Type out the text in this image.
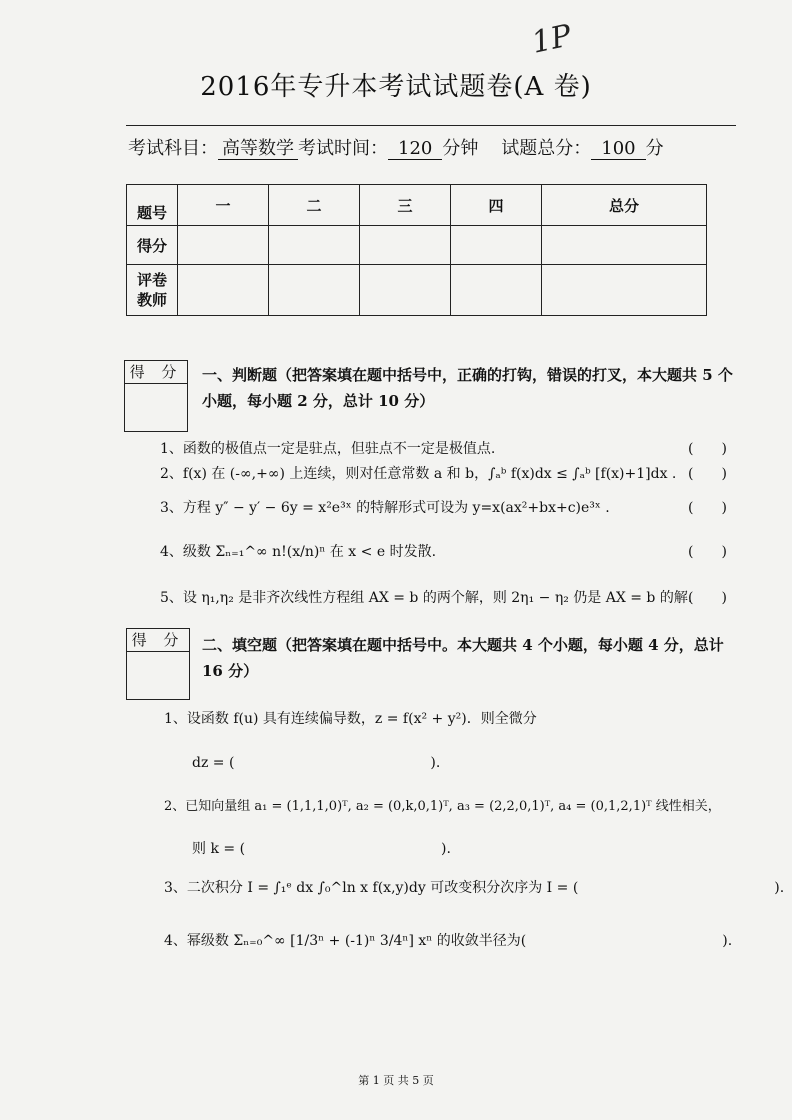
1P
2016年专升本考试试题卷(A 卷)
考试科目： 高等数学 考试时间： 120 分钟 试题总分： 100 分
题号	一	二	三	四	总分
得分					
评卷教师					
得 分	一、判断题（把答案填在题中括号中，正确的打钩，错误的打叉，本大题共 5 个小题，每小题 2 分，总计 10 分）
1、函数的极值点一定是驻点，但驻点不一定是极值点.	(　　)
2、f(x) 在 (-∞,+∞) 上连续，则对任意常数 a 和 b，∫ₐᵇ f(x)dx ≤ ∫ₐᵇ [f(x)+1]dx . (　　)
3、方程 y″ − y′ − 6y = x²e³ˣ 的特解形式可设为 y=x(ax²+bx+c)e³ˣ .	(　　)
4、级数 Σₙ₌₁^∞ n!(x/n)ⁿ 在 x < e 时发散.	(　　)
5、设 η₁,η₂ 是非齐次线性方程组 AX = b 的两个解，则 2η₁ − η₂ 仍是 AX = b 的解.
(　　)
得 分	二、填空题（把答案填在题中括号中。本大题共 4 个小题，每小题 4 分，总计 16 分）
1、设函数 f(u) 具有连续偏导数，z = f(x² + y²)．则全微分
dz = (　　　　　　　　　　　　　　).
2、已知向量组 a₁ = (1,1,1,0)ᵀ, a₂ = (0,k,0,1)ᵀ, a₃ = (2,2,0,1)ᵀ, a₄ = (0,1,2,1)ᵀ 线性相关，
则 k = (　　　　　　　　　　　　　　).
3、二次积分 I = ∫₁ᵉ dx ∫₀^ln x f(x,y)dy 可改变积分次序为 I = (　　　　　　　　　　　　　　).
4、幂级数 Σₙ₌₀^∞ [1/3ⁿ + (-1)ⁿ 3/4ⁿ] xⁿ 的收敛半径为(　　　　　　　　　　　　　　).
第 1 页 共 5 页
